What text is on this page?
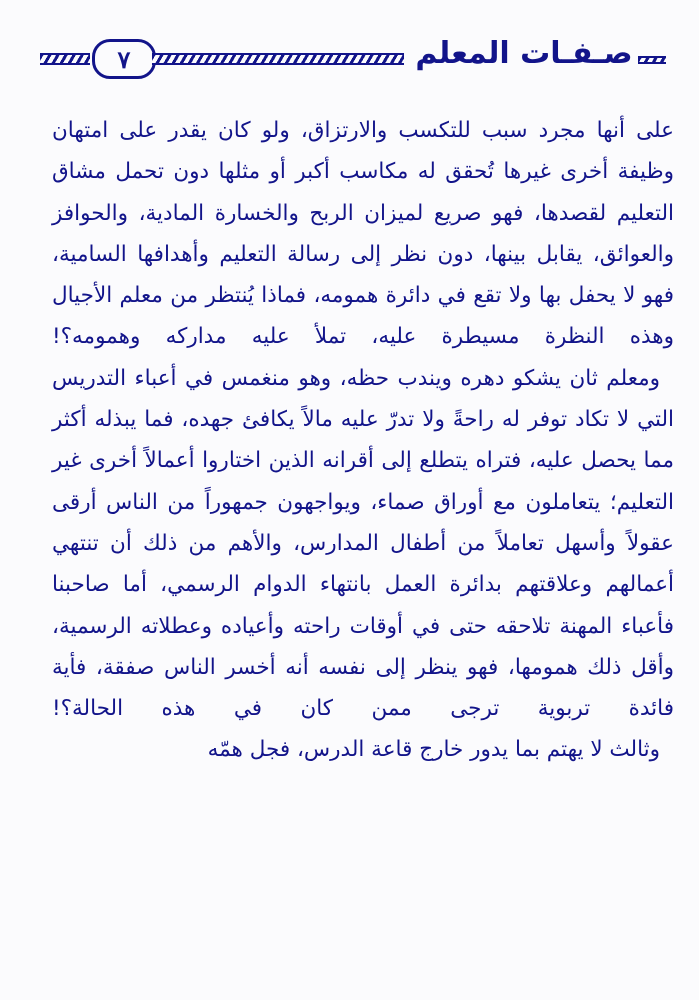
٧	صـفـات المعلم

على أنها مجرد سبب للتكسب والارتزاق، ولو كان يقدر على امتهان وظيفة أخرى غيرها تُحقق له مكاسب أكبر أو مثلها دون تحمل مشاق التعليم لقصدها، فهو صريع لميزان الربح والخسارة المادية، والحوافز والعوائق، يقابل بينها، دون نظر إلى رسالة التعليم وأهدافها السامية، فهو لا يحفل بها ولا تقع في دائرة همومه، فماذا يُنتظر من معلم الأجيال وهذه النظرة مسيطرة عليه، تملأ عليه مداركه وهمومه؟!

ومعلم ثان يشكو دهره ويندب حظه، وهو منغمس في أعباء التدريس التي لا تكاد توفر له راحةً ولا تدرّ عليه مالاً يكافئ جهده، فما يبذله أكثر مما يحصل عليه، فتراه يتطلع إلى أقرانه الذين اختاروا أعمالاً أخرى غير التعليم؛ يتعاملون مع أوراق صماء، ويواجهون جمهوراً من الناس أرقى عقولاً وأسهل تعاملاً من أطفال المدارس، والأهم من ذلك أن تنتهي أعمالهم وعلاقتهم بدائرة العمل بانتهاء الدوام الرسمي، أما صاحبنا فأعباء المهنة تلاحقه حتى في أوقات راحته وأعياده وعطلاته الرسمية، وأقل ذلك همومها، فهو ينظر إلى نفسه أنه أخسر الناس صفقة، فأية فائدة تربوية ترجى ممن كان في هذه الحالة؟!

وثالث لا يهتم بما يدور خارج قاعة الدرس، فجل همّه
